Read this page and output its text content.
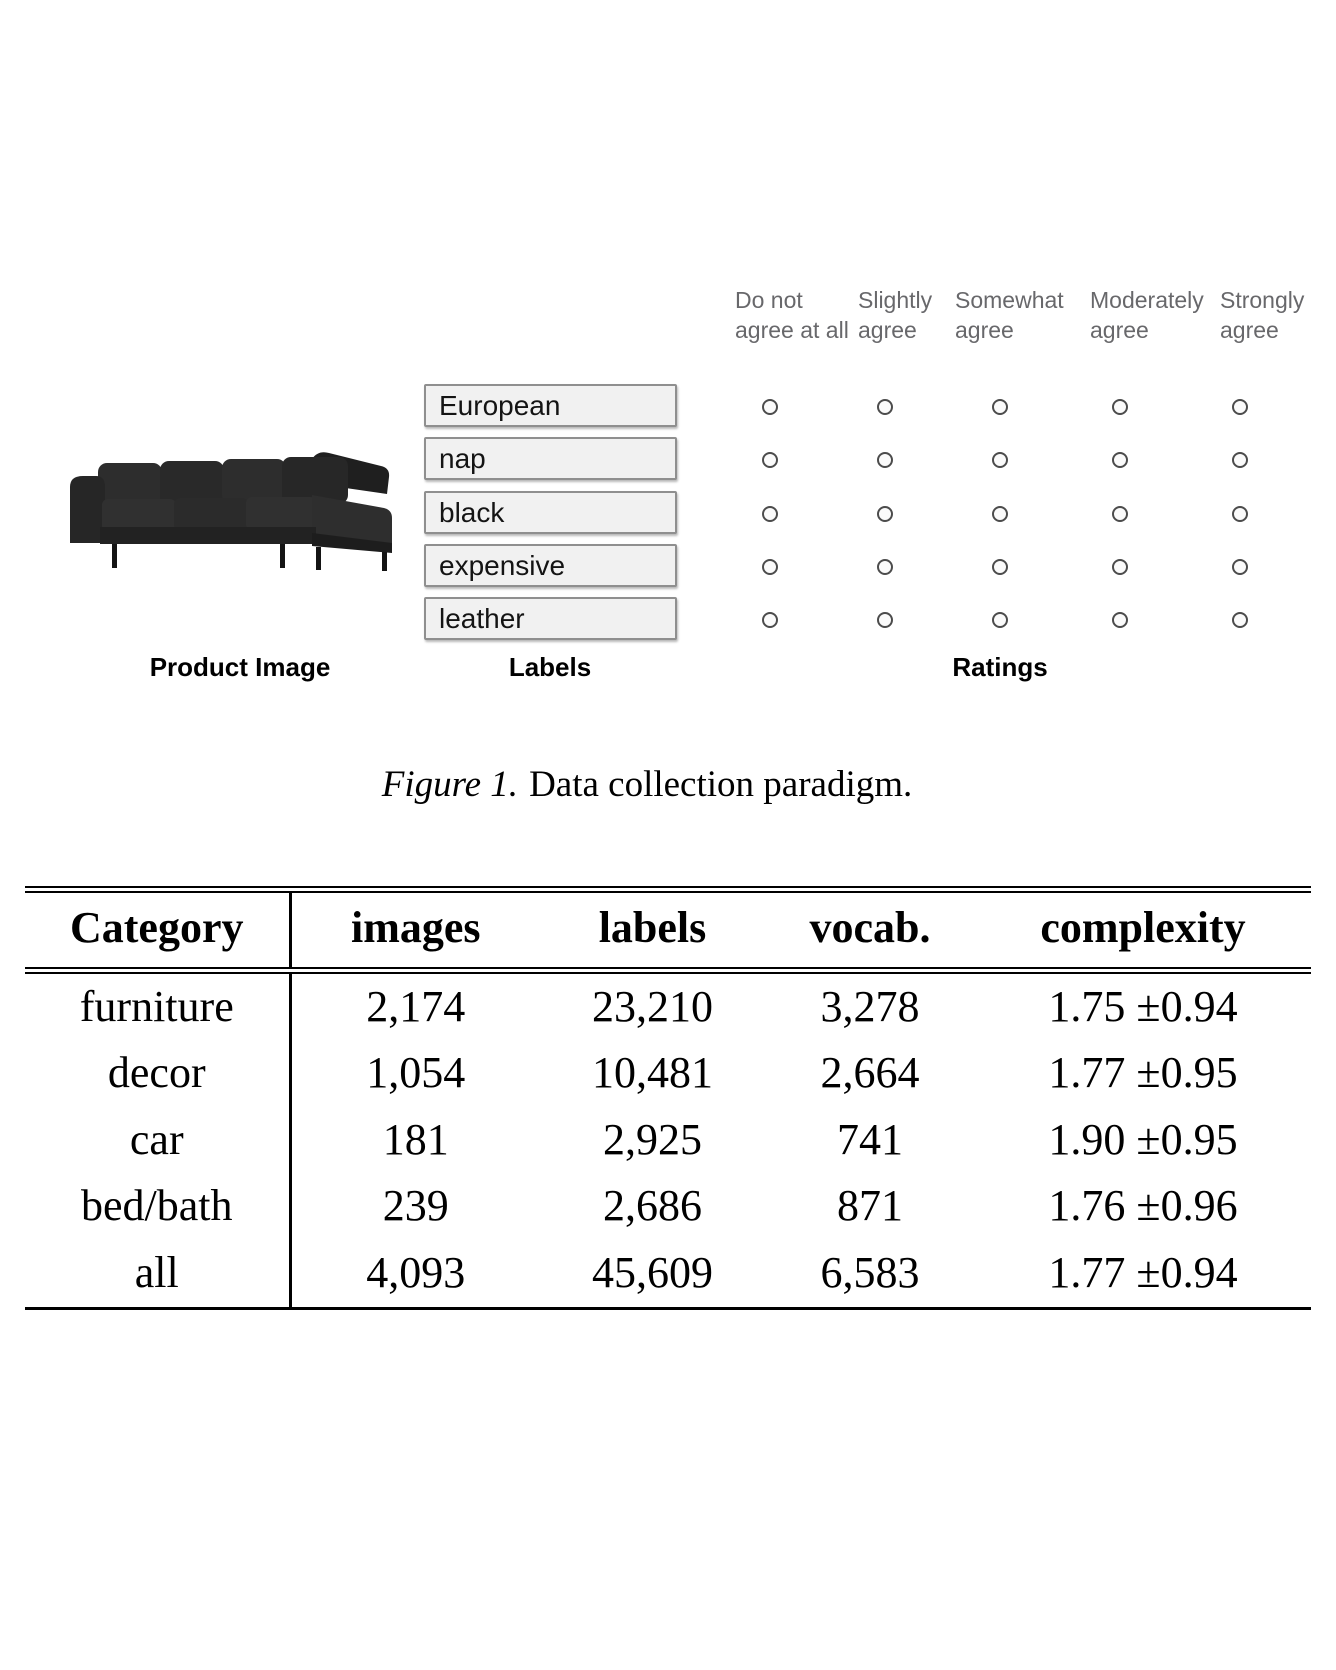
Do not agree at all
Slightly agree
Somewhat agree
Moderately agree
Strongly agree
European
nap
black
expensive
leather
Product Image	Labels	Ratings
Figure 1. Data collection paradigm.
Category	images	labels	vocab.	complexity
furniture	2,174	23,210	3,278	1.75 ±0.94
decor	1,054	10,481	2,664	1.77 ±0.95
car	181	2,925	741	1.90 ±0.95
bed/bath	239	2,686	871	1.76 ±0.96
all	4,093	45,609	6,583	1.77 ±0.94
